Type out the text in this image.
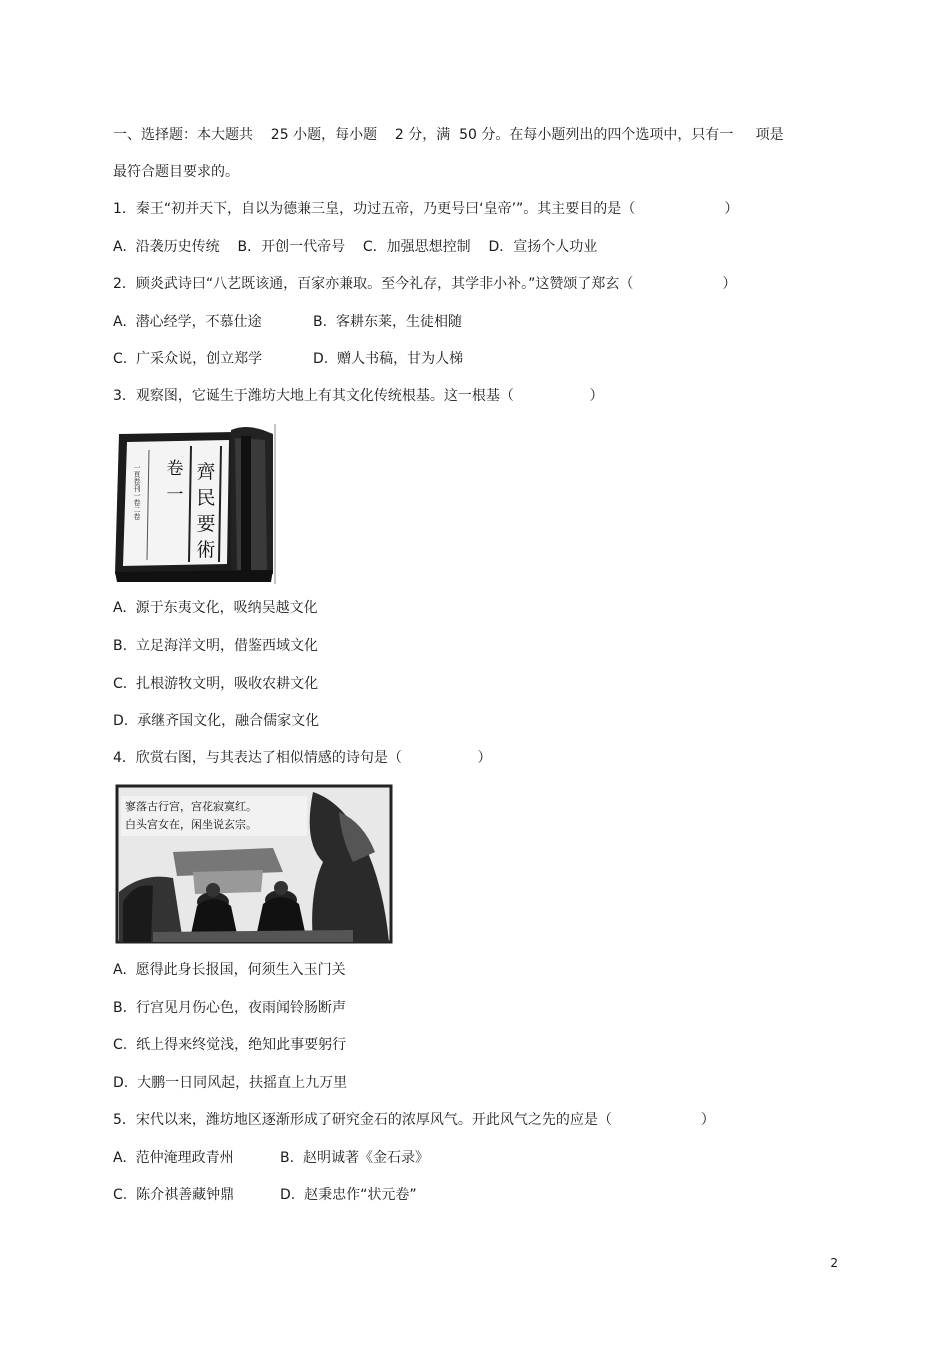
一、选择题：本大题共    25 小题，每小题    2 分，满  50 分。在每小题列出的四个选项中，只有一     项是
最符合题目要求的。
1．秦王“初并天下，自以为德兼三皇，功过五帝，乃更号曰‘皇帝’”。其主要目的是（                    ）
A.  沿袭历史传统    B．开创一代帝号    C．加强思想控制    D．宣扬个人功业
2．顾炎武诗曰“八艺既该通，百家亦兼取。至今礼存，其学非小补。”这赞颂了郑玄（                    ）
A.  潜心经学，不慕仕途	B.  客耕东莱，生徒相随
C.  广采众说，创立郑学	D.  赠人书稿，甘为人梯
3．观察图，它诞生于潍坊大地上有其文化传统根基。这一根基（                 ）
齊
民
要
術
卷
一
一頁卷刊一卷二卷
A.  源于东夷文化，吸纳吴越文化
B.  立足海洋文明，借鉴西域文化
C.  扎根游牧文明，吸收农耕文化
D.  承继齐国文化，融合儒家文化
4．欣赏右图，与其表达了相似情感的诗句是（                 ）
寥落古行宫，宫花寂寞红。
白头宫女在，闲坐说玄宗。
A.  愿得此身长报国，何须生入玉门关
B.  行宫见月伤心色，夜雨闻铃肠断声
C.  纸上得来终觉浅，绝知此事要躬行
D.  大鹏一日同风起，扶摇直上九万里
5．宋代以来，潍坊地区逐渐形成了研究金石的浓厚风气。开此风气之先的应是（                    ）
A.  范仲淹理政青州	B.  赵明诚著《金石录》
C.  陈介祺善藏钟鼎	D.  赵秉忠作“状元卷”
2
